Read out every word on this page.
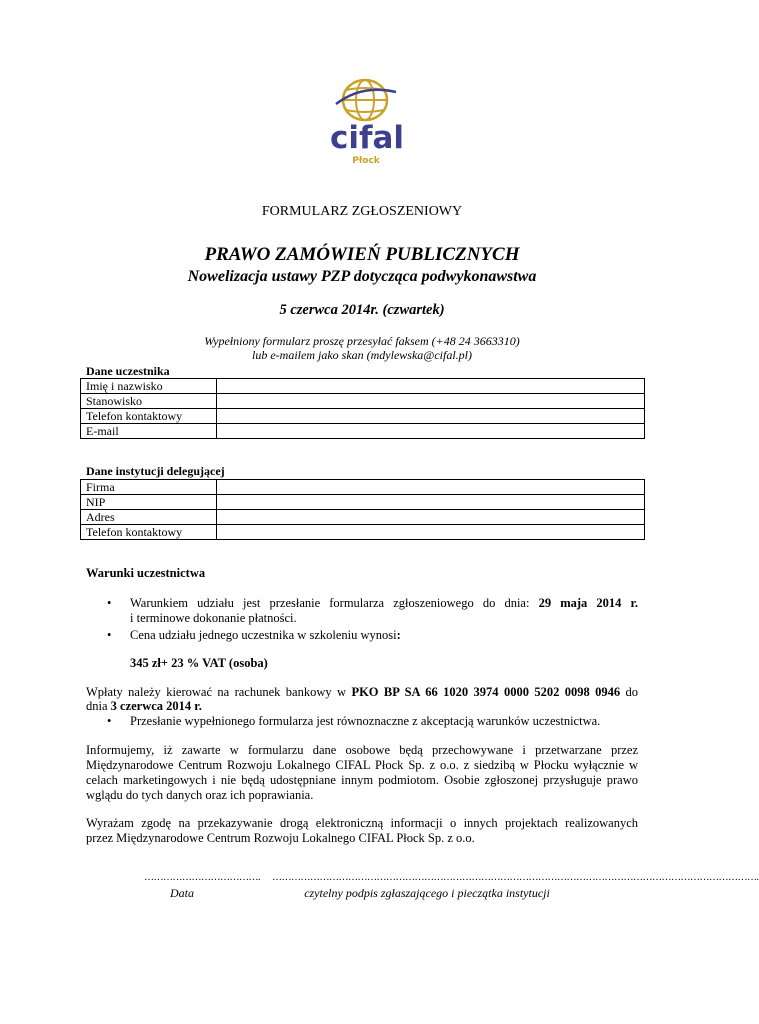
cifal
Płock
FORMULARZ ZGŁOSZENIOWY
PRAWO ZAMÓWIEŃ PUBLICZNYCH
Nowelizacja ustawy PZP dotycząca podwykonawstwa
5 czerwca 2014r. (czwartek)
Wypełniony formularz proszę przesyłać faksem (+48 24 3663310)
lub e-mailem jako skan (mdylewska@cifal.pl)
Dane uczestnika
Imię i nazwisko	
Stanowisko	
Telefon kontaktowy	
E-mail	
Dane instytucji delegującej
Firma	
NIP	
Adres	
Telefon kontaktowy	
Warunki uczestnictwa
• Warunkiem udziału jest przesłanie formularza zgłoszeniowego do dnia: 29 maja 2014 r.
i terminowe dokonanie płatności.
• Cena udziału jednego uczestnika w szkoleniu wynosi:
345 zł+ 23 % VAT (osoba)
Wpłaty należy kierować na rachunek bankowy w PKO BP SA 66 1020 3974 0000 5202 0098 0946 do
dnia 3 czerwca 2014 r.
• Przesłanie wypełnionego formularza jest równoznaczne z akceptacją warunków uczestnictwa.
Informujemy, iż zawarte w formularzu dane osobowe będą przechowywane i przetwarzane przez
Międzynarodowe Centrum Rozwoju Lokalnego CIFAL Płock Sp. z o.o. z siedzibą w Płocku wyłącznie w
celach marketingowych i nie będą udostępniane innym podmiotom. Osobie zgłoszonej przysługuje prawo
wglądu do tych danych oraz ich poprawiania.
Wyrażam zgodę na przekazywanie drogą elektroniczną informacji o innych projektach realizowanych
przez Międzynarodowe Centrum Rozwoju Lokalnego CIFAL Płock Sp. z o.o.
………………………………. ……………………………………………………………………………………………………………………………………….
Data	czytelny podpis zgłaszającego i pieczątka instytucji
